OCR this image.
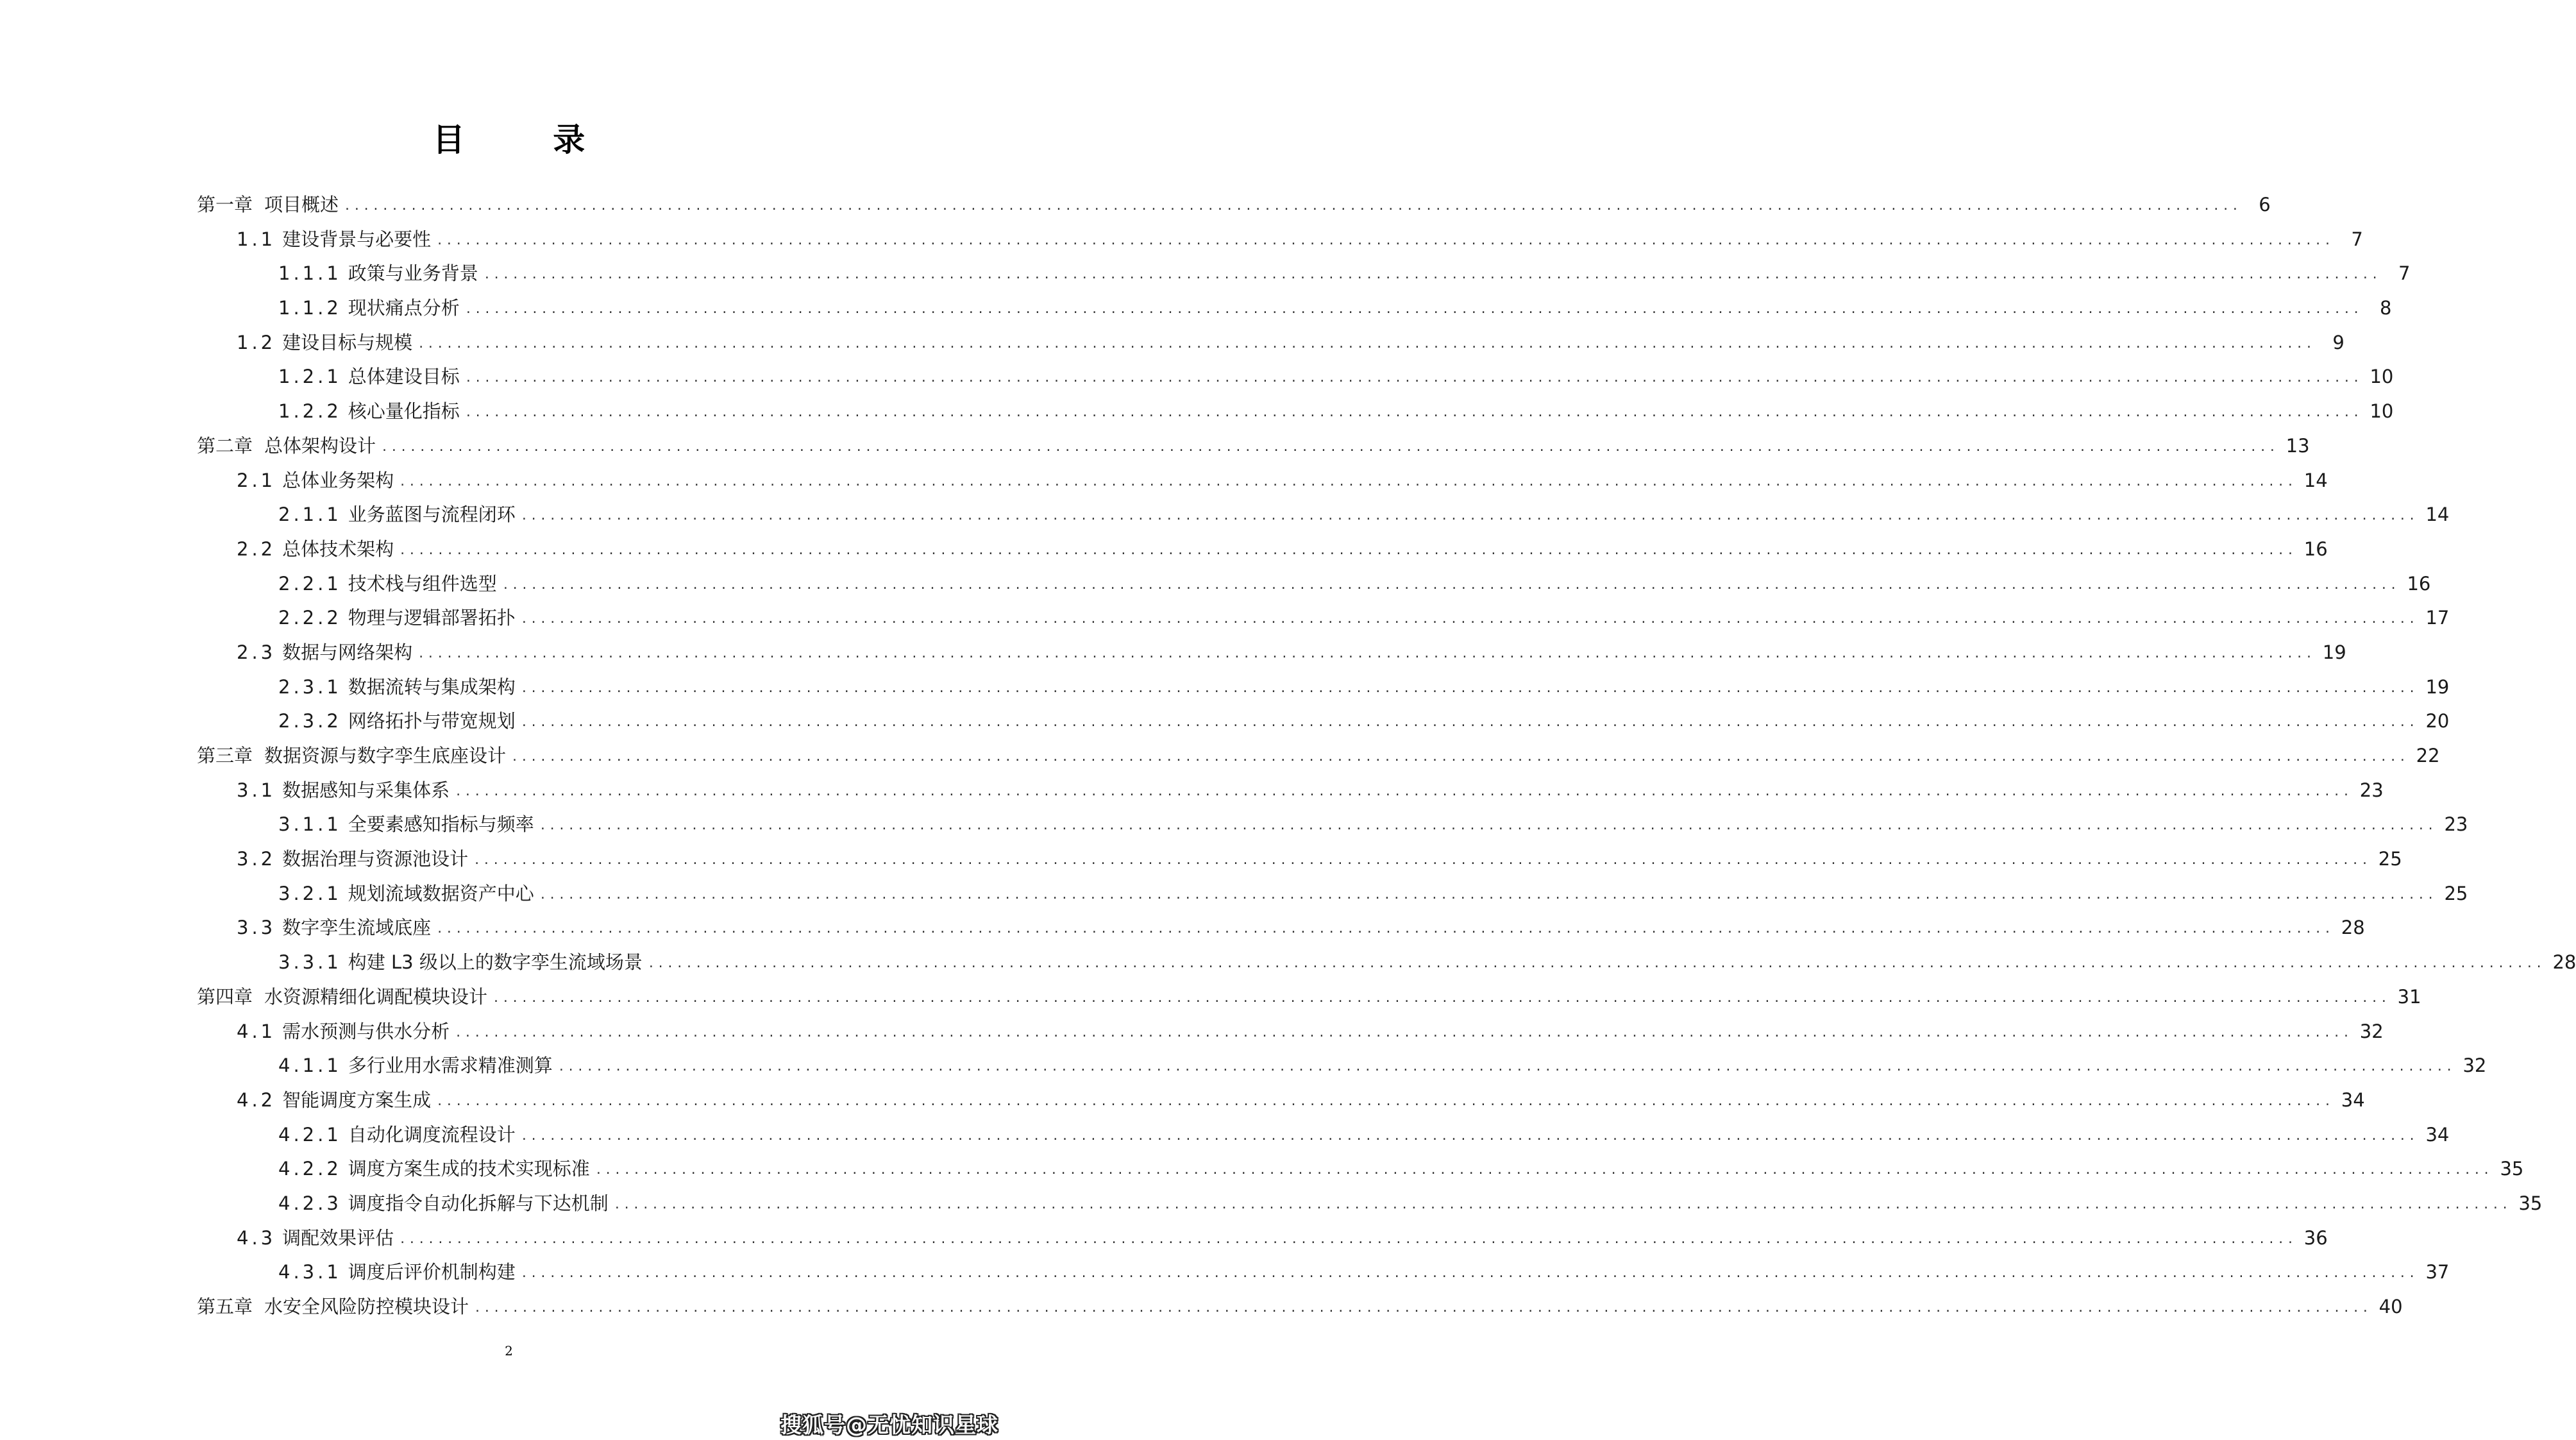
目 录
第一章 项目概述 ........................................................................................................................................................................................................ 6
1.1 建设背景与必要性 ........................................................................................................................................................................................................ 7
1.1.1 政策与业务背景 ........................................................................................................................................................................................................ 7
1.1.2 现状痛点分析 ........................................................................................................................................................................................................ 8
1.2 建设目标与规模 ........................................................................................................................................................................................................ 9
1.2.1 总体建设目标 ........................................................................................................................................................................................................ 10
1.2.2 核心量化指标 ........................................................................................................................................................................................................ 10
第二章 总体架构设计 ........................................................................................................................................................................................................ 13
2.1 总体业务架构 ........................................................................................................................................................................................................ 14
2.1.1 业务蓝图与流程闭环 ........................................................................................................................................................................................................ 14
2.2 总体技术架构 ........................................................................................................................................................................................................ 16
2.2.1 技术栈与组件选型 ........................................................................................................................................................................................................ 16
2.2.2 物理与逻辑部署拓扑 ........................................................................................................................................................................................................ 17
2.3 数据与网络架构 ........................................................................................................................................................................................................ 19
2.3.1 数据流转与集成架构 ........................................................................................................................................................................................................ 19
2.3.2 网络拓扑与带宽规划 ........................................................................................................................................................................................................ 20
第三章 数据资源与数字孪生底座设计 ........................................................................................................................................................................................................ 22
3.1 数据感知与采集体系 ........................................................................................................................................................................................................ 23
3.1.1 全要素感知指标与频率 ........................................................................................................................................................................................................ 23
3.2 数据治理与资源池设计 ........................................................................................................................................................................................................ 25
3.2.1 规划流域数据资产中心 ........................................................................................................................................................................................................ 25
3.3 数字孪生流域底座 ........................................................................................................................................................................................................ 28
3.3.1 构建 L3 级以上的数字孪生流域场景 ........................................................................................................................................................................................................ 28
第四章 水资源精细化调配模块设计 ........................................................................................................................................................................................................ 31
4.1 需水预测与供水分析 ........................................................................................................................................................................................................ 32
4.1.1 多行业用水需求精准测算 ........................................................................................................................................................................................................ 32
4.2 智能调度方案生成 ........................................................................................................................................................................................................ 34
4.2.1 自动化调度流程设计 ........................................................................................................................................................................................................ 34
4.2.2 调度方案生成的技术实现标准 ........................................................................................................................................................................................................ 35
4.2.3 调度指令自动化拆解与下达机制 ........................................................................................................................................................................................................ 35
4.3 调配效果评估 ........................................................................................................................................................................................................ 36
4.3.1 调度后评价机制构建 ........................................................................................................................................................................................................ 37
第五章 水安全风险防控模块设计 ........................................................................................................................................................................................................ 40
2
搜狐号@无忧知识星球
